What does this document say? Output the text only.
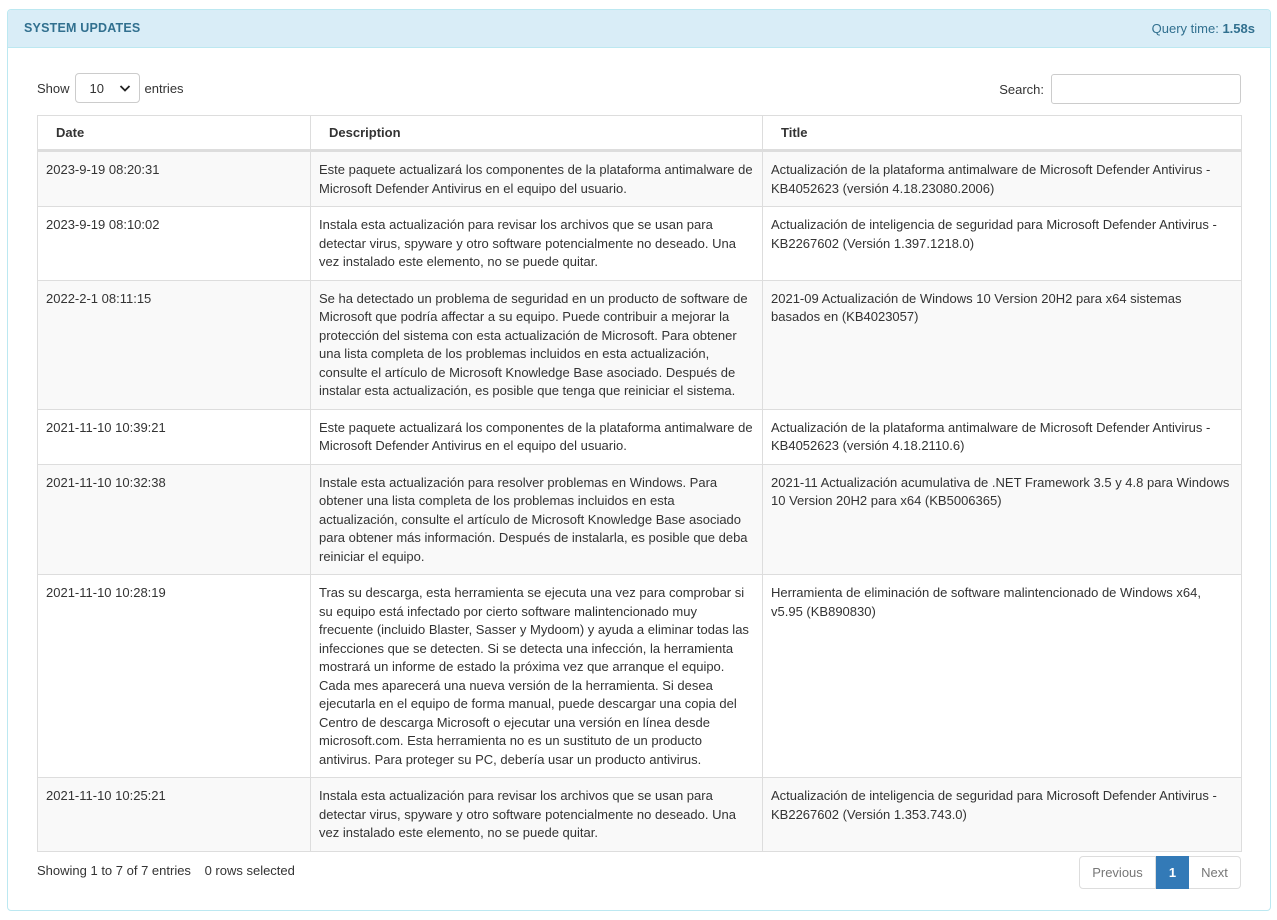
SYSTEM UPDATES	Query time: 1.58s
Show 10	entries	Search:
Date	Description	Title
2023-9-19 08:20:31	Este paquete actualizará los componentes de la plataforma antimalware de Microsoft Defender Antivirus en el equipo del usuario.	Actualización de la plataforma antimalware de Microsoft Defender Antivirus - KB4052623 (versión 4.18.23080.2006)
2023-9-19 08:10:02	Instala esta actualización para revisar los archivos que se usan para detectar virus, spyware y otro software potencialmente no deseado. Una vez instalado este elemento, no se puede quitar.	Actualización de inteligencia de seguridad para Microsoft Defender Antivirus - KB2267602 (Versión 1.397.1218.0)
2022-2-1 08:11:15	Se ha detectado un problema de seguridad en un producto de software de Microsoft que podría affectar a su equipo. Puede contribuir a mejorar la protección del sistema con esta actualización de Microsoft. Para obtener una lista completa de los problemas incluidos en esta actualización, consulte el artículo de Microsoft Knowledge Base asociado. Después de instalar esta actualización, es posible que tenga que reiniciar el sistema.	2021-09 Actualización de Windows 10 Version 20H2 para x64 sistemas basados en (KB4023057)
2021-11-10 10:39:21	Este paquete actualizará los componentes de la plataforma antimalware de Microsoft Defender Antivirus en el equipo del usuario.	Actualización de la plataforma antimalware de Microsoft Defender Antivirus - KB4052623 (versión 4.18.2110.6)
2021-11-10 10:32:38	Instale esta actualización para resolver problemas en Windows. Para obtener una lista completa de los problemas incluidos en esta actualización, consulte el artículo de Microsoft Knowledge Base asociado para obtener más información. Después de instalarla, es posible que deba reiniciar el equipo.	2021-11 Actualización acumulativa de .NET Framework 3.5 y 4.8 para Windows 10 Version 20H2 para x64 (KB5006365)
2021-11-10 10:28:19	Tras su descarga, esta herramienta se ejecuta una vez para comprobar si su equipo está infectado por cierto software malintencionado muy frecuente (incluido Blaster, Sasser y Mydoom) y ayuda a eliminar todas las infecciones que se detecten. Si se detecta una infección, la herramienta mostrará un informe de estado la próxima vez que arranque el equipo. Cada mes aparecerá una nueva versión de la herramienta. Si desea ejecutarla en el equipo de forma manual, puede descargar una copia del Centro de descarga Microsoft o ejecutar una versión en línea desde microsoft.com. Esta herramienta no es un sustituto de un producto antivirus. Para proteger su PC, debería usar un producto antivirus.	Herramienta de eliminación de software malintencionado de Windows x64, v5.95 (KB890830)
2021-11-10 10:25:21	Instala esta actualización para revisar los archivos que se usan para detectar virus, spyware y otro software potencialmente no deseado. Una vez instalado este elemento, no se puede quitar.	Actualización de inteligencia de seguridad para Microsoft Defender Antivirus - KB2267602 (Versión 1.353.743.0)
Showing 1 to 7 of 7 entries 0 rows selected	Previous	1	Next
